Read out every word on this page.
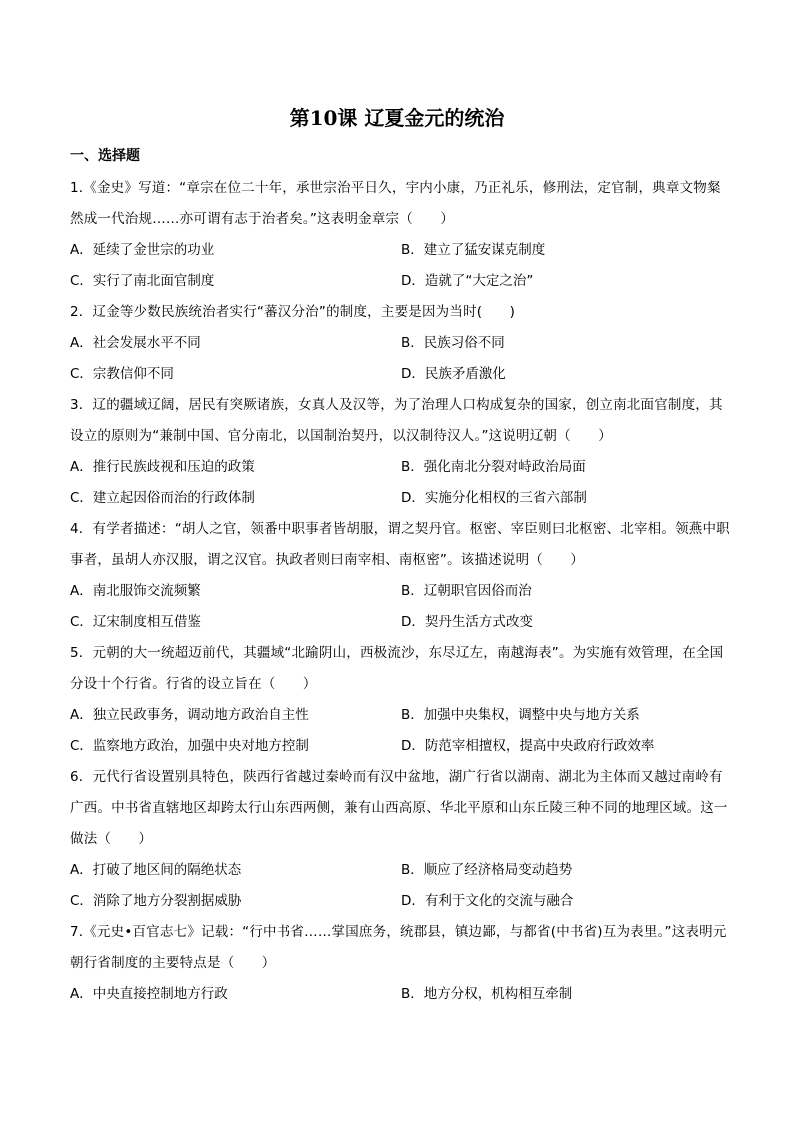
第10课 辽夏金元的统治
一、选择题
1.《金史》写道：“章宗在位二十年，承世宗治平日久，宇内小康，乃正礼乐，修刑法，定官制，典章文物粲然成一代治规……亦可谓有志于治者矣。”这表明金章宗（　　）
A．延续了金世宗的功业	B．建立了猛安谋克制度
C．实行了南北面官制度	D．造就了“大定之治”
2．辽金等少数民族统治者实行“蕃汉分治”的制度，主要是因为当时(　　)
A．社会发展水平不同	B．民族习俗不同
C．宗教信仰不同	D．民族矛盾激化
3．辽的疆域辽阔，居民有突厥诸族，女真人及汉等，为了治理人口构成复杂的国家，创立南北面官制度，其设立的原则为“兼制中国、官分南北，以国制治契丹，以汉制待汉人。”这说明辽朝（　　）
A．推行民族歧视和压迫的政策	B．强化南北分裂对峙政治局面
C．建立起因俗而治的行政体制	D．实施分化相权的三省六部制
4．有学者描述：“胡人之官，领番中职事者皆胡服，谓之契丹官。枢密、宰臣则曰北枢密、北宰相。领燕中职事者，虽胡人亦汉服，谓之汉官。执政者则曰南宰相、南枢密”。该描述说明（　　）
A．南北服饰交流频繁	B．辽朝职官因俗而治
C．辽宋制度相互借鉴	D．契丹生活方式改变
5．元朝的大一统超迈前代，其疆域“北踰阴山，西极流沙，东尽辽左，南越海表”。为实施有效管理，在全国分设十个行省。行省的设立旨在（　　）
A．独立民政事务，调动地方政治自主性	B．加强中央集权，调整中央与地方关系
C．监察地方政治，加强中央对地方控制	D．防范宰相擅权，提高中央政府行政效率
6．元代行省设置别具特色，陕西行省越过秦岭而有汉中盆地，湖广行省以湖南、湖北为主体而又越过南岭有广西。中书省直辖地区却跨太行山东西两侧，兼有山西高原、华北平原和山东丘陵三种不同的地理区域。这一做法（　　）
A．打破了地区间的隔绝状态	B．顺应了经济格局变动趋势
C．消除了地方分裂割据威胁	D．有利于文化的交流与融合
7.《元史•百官志七》记载：“行中书省……掌国庶务，统郡县，镇边鄙，与都省(中书省)互为表里。”这表明元朝行省制度的主要特点是（　　）
A．中央直接控制地方行政	B．地方分权，机构相互牵制
